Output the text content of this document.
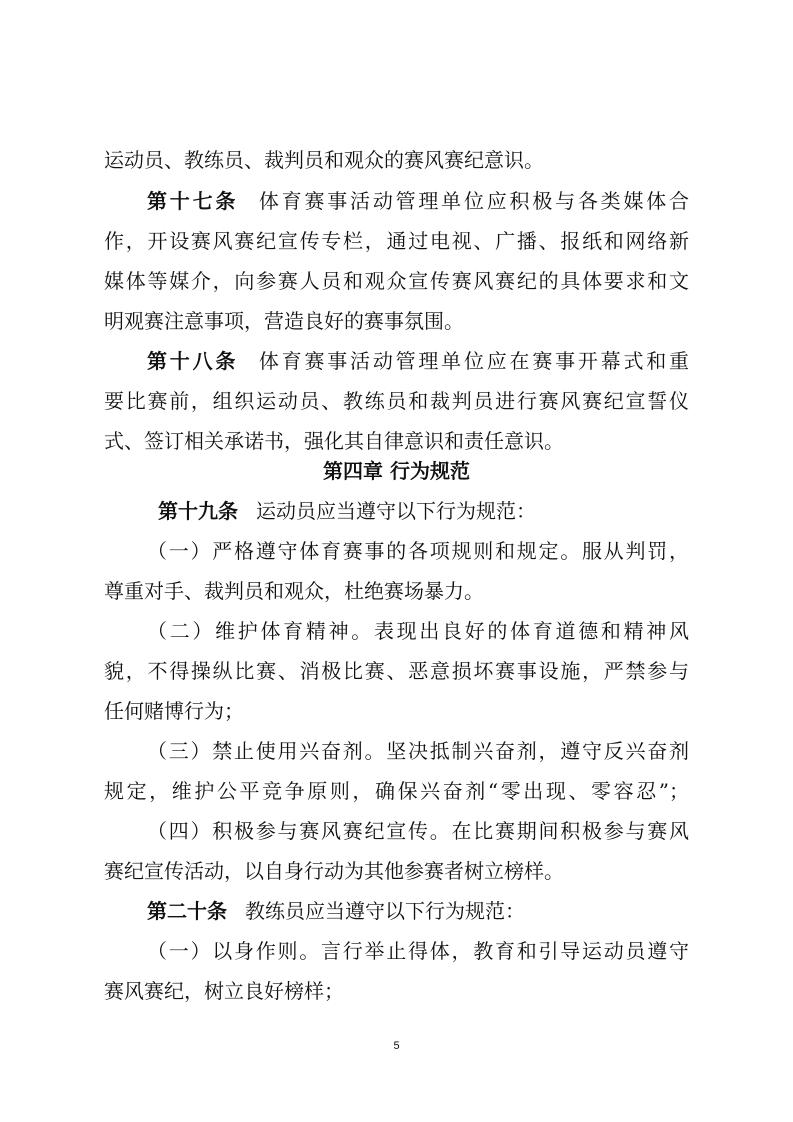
运动员、教练员、裁判员和观众的赛风赛纪意识。
第十七条 体育赛事活动管理单位应积极与各类媒体合
作，开设赛风赛纪宣传专栏，通过电视、广播、报纸和网络新
媒体等媒介，向参赛人员和观众宣传赛风赛纪的具体要求和文
明观赛注意事项，营造良好的赛事氛围。
第十八条 体育赛事活动管理单位应在赛事开幕式和重
要比赛前，组织运动员、教练员和裁判员进行赛风赛纪宣誓仪
式、签订相关承诺书，强化其自律意识和责任意识。
第四章 行为规范
第十九条 运动员应当遵守以下行为规范：
（一）严格遵守体育赛事的各项规则和规定。服从判罚，
尊重对手、裁判员和观众，杜绝赛场暴力。
（二）维护体育精神。表现出良好的体育道德和精神风
貌，不得操纵比赛、消极比赛、恶意损坏赛事设施，严禁参与
任何赌博行为；
（三）禁止使用兴奋剂。坚决抵制兴奋剂，遵守反兴奋剂
规定，维护公平竞争原则，确保兴奋剂“零出现、零容忍”；
（四）积极参与赛风赛纪宣传。在比赛期间积极参与赛风
赛纪宣传活动，以自身行动为其他参赛者树立榜样。
第二十条 教练员应当遵守以下行为规范：
（一）以身作则。言行举止得体，教育和引导运动员遵守
赛风赛纪，树立良好榜样；
5
